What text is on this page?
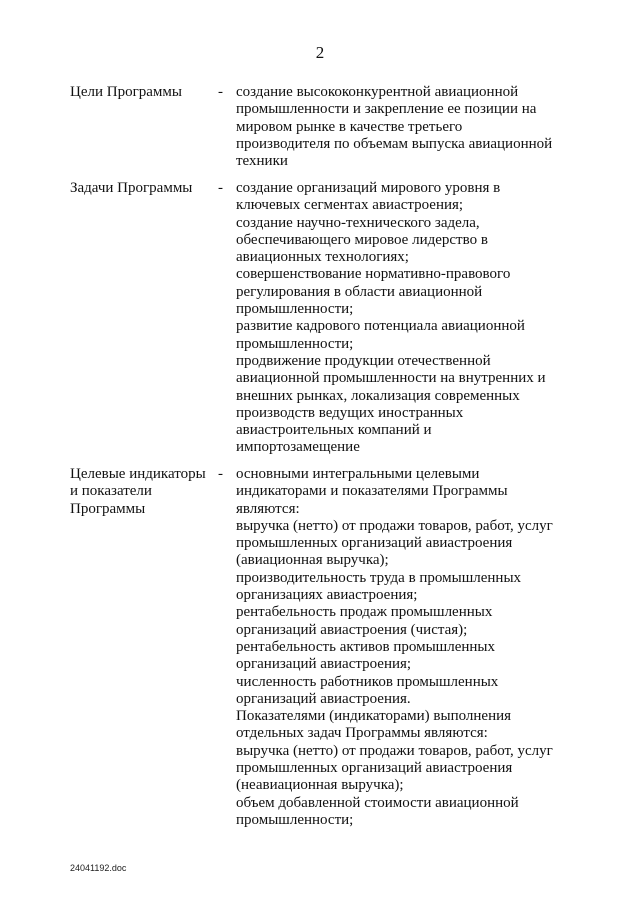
2
Цели Программы	- создание высококонкурентной авиационной
промышленности и закрепление ее позиции на
мировом рынке в качестве третьего
производителя по объемам выпуска авиационной
техники
Задачи Программы	- создание организаций мирового уровня в
ключевых сегментах авиастроения;
создание научно-технического задела,
обеспечивающего мировое лидерство в
авиационных технологиях;
совершенствование нормативно-правового
регулирования в области авиационной
промышленности;
развитие кадрового потенциала авиационной
промышленности;
продвижение продукции отечественной
авиационной промышленности на внутренних и
внешних рынках, локализация современных
производств ведущих иностранных
авиастроительных компаний и
импортозамещение
Целевые индикаторы
и показатели
Программы
- основными интегральными целевыми
индикаторами и показателями Программы
являются:
выручка (нетто) от продажи товаров, работ, услуг
промышленных организаций авиастроения
(авиационная выручка);
производительность труда в промышленных
организациях авиастроения;
рентабельность продаж промышленных
организаций авиастроения (чистая);
рентабельность активов промышленных
организаций авиастроения;
численность работников промышленных
организаций авиастроения.
Показателями (индикаторами) выполнения
отдельных задач Программы являются:
выручка (нетто) от продажи товаров, работ, услуг
промышленных организаций авиастроения
(неавиационная выручка);
объем добавленной стоимости авиационной
промышленности;
24041192.doc
